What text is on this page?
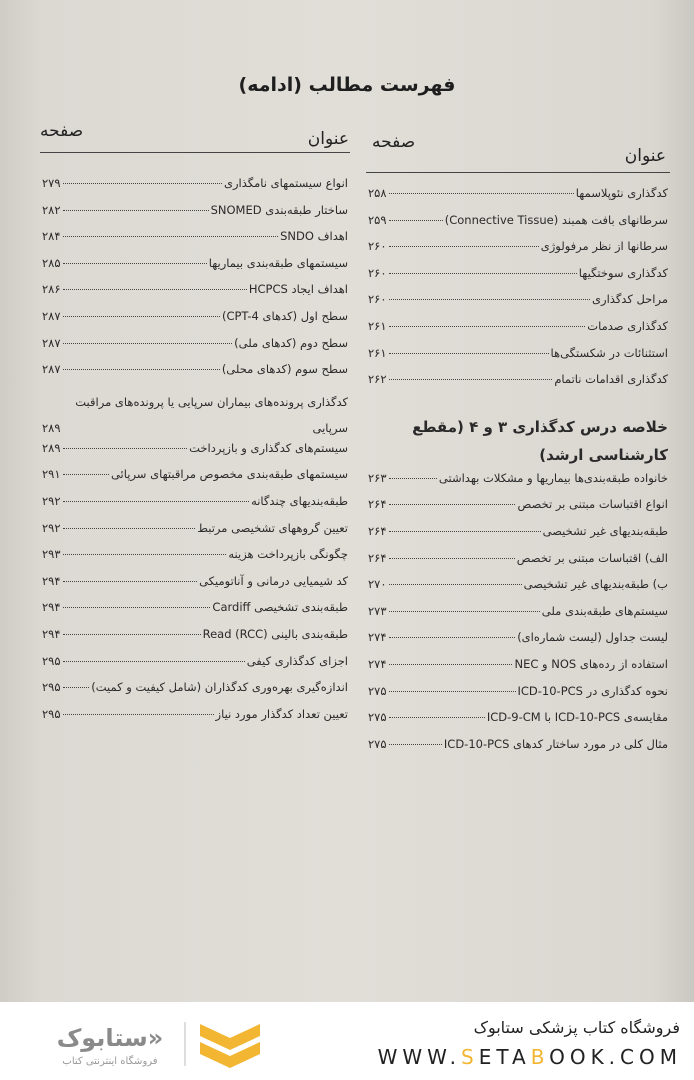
فهرست مطالب (ادامه)
عنوان
صفحه
عنوان
صفحه
کدگذاری نئوپلاسمها
۲۵۸
سرطانهای بافت همبند (Connective Tissue)
۲۵۹
سرطانها از نظر مرفولوژی
۲۶۰
کدگذاری سوختگیها
۲۶۰
مراحل کدگذاری
۲۶۰
کدگذاری صدمات
۲۶۱
استثنائات در شکستگی‌ها
۲۶۱
کدگذاری اقدامات ناتمام
۲۶۲
خلاصه درس کدگذاری ۳ و ۴ (مقطع کارشناسی ارشد)
خانواده طبقه‌بندی‌ها بیماریها و مشکلات بهداشتی
۲۶۳
انواع اقتباسات مبتنی بر تخصص
۲۶۴
طبقه‌بندیهای غیر تشخیصی
۲۶۴
الف) اقتباسات مبتنی بر تخصص
۲۶۴
ب) طبقه‌بندیهای غیر تشخیصی
۲۷۰
سیستم‌های طبقه‌بندی ملی
۲۷۳
لیست جداول (لیست شماره‌ای)
۲۷۴
استفاده از رده‌های NOS و NEC
۲۷۴
نحوه کدگذاری در ICD-10-PCS
۲۷۵
مقایسه‌ی ICD-10-PCS با ICD-9-CM
۲۷۵
مثال کلی در مورد ساختار کدهای ICD-10-PCS
۲۷۵
انواع سیستمهای نامگذاری
۲۷۹
ساختار طبقه‌بندی SNOMED
۲۸۲
اهداف SNDO
۲۸۴
سیستمهای طبقه‌بندی بیماریها
۲۸۵
اهداف ایجاد HCPCS
۲۸۶
سطح اول (کدهای CPT-4)
۲۸۷
سطح دوم (کدهای ملی)
۲۸۷
سطح سوم (کدهای محلی)
۲۸۷
کدگذاری پرونده‌های بیماران سرپایی یا پرونده‌های مراقبت سرپایی
۲۸۹
سیستم‌های کدگذاری و بازپرداخت
۲۸۹
سیستمهای طبقه‌بندی مخصوص مراقبتهای سرپائی
۲۹۱
طبقه‌بندیهای چندگانه
۲۹۲
تعیین گروههای تشخیصی مرتبط
۲۹۲
چگونگی بازپرداخت هزینه
۲۹۳
کد شیمیایی درمانی و آناتومیکی
۲۹۴
طبقه‌بندی تشخیصی Cardiff
۲۹۴
طبقه‌بندی بالینی Read (RCC)
۲۹۴
اجزای کدگذاری کیفی
۲۹۵
اندازه‌گیری بهره‌وری کدگذاران (شامل کیفیت و کمیت)
۲۹۵
تعیین تعداد کدگذار مورد نیاز
۲۹۵
«ستابوک
فروشگاه اینترنتی کتاب
فروشگاه کتاب پزشکی ستابوک
WWW.SETABOOK.COM
